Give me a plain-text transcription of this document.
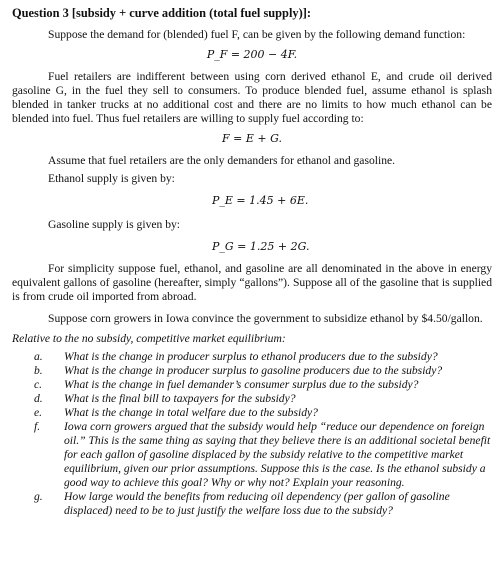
Question 3 [subsidy + curve addition (total fuel supply)]:

Suppose the demand for (blended) fuel F, can be given by the following demand function:

P_F = 200 − 4F.

Fuel retailers are indifferent between using corn derived ethanol E, and crude oil derived gasoline G, in the fuel they sell to consumers. To produce blended fuel, assume ethanol is splash blended in tanker trucks at no additional cost and there are no limits to how much ethanol can be blended into fuel. Thus fuel retailers are willing to supply fuel according to:

F = E + G.

Assume that fuel retailers are the only demanders for ethanol and gasoline.

Ethanol supply is given by:

P_E = 1.45 + 6E.

Gasoline supply is given by:

P_G = 1.25 + 2G.

For simplicity suppose fuel, ethanol, and gasoline are all denominated in the above in energy equivalent gallons of gasoline (hereafter, simply “gallons”). Suppose all of the gasoline that is supplied is from crude oil imported from abroad.

Suppose corn growers in Iowa convince the government to subsidize ethanol by $4.50/gallon.

Relative to the no subsidy, competitive market equilibrium:

a. What is the change in producer surplus to ethanol producers due to the subsidy?
b. What is the change in producer surplus to gasoline producers due to the subsidy?
c. What is the change in fuel demander’s consumer surplus due to the subsidy?
d. What is the final bill to taxpayers for the subsidy?
e. What is the change in total welfare due to the subsidy?
f. Iowa corn growers argued that the subsidy would help “reduce our dependence on foreign oil.” This is the same thing as saying that they believe there is an additional societal benefit for each gallon of gasoline displaced by the subsidy relative to the competitive market equilibrium, given our prior assumptions. Suppose this is the case. Is the ethanol subsidy a good way to achieve this goal? Why or why not? Explain your reasoning.
g. How large would the benefits from reducing oil dependency (per gallon of gasoline displaced) need to be to just justify the welfare loss due to the subsidy?
